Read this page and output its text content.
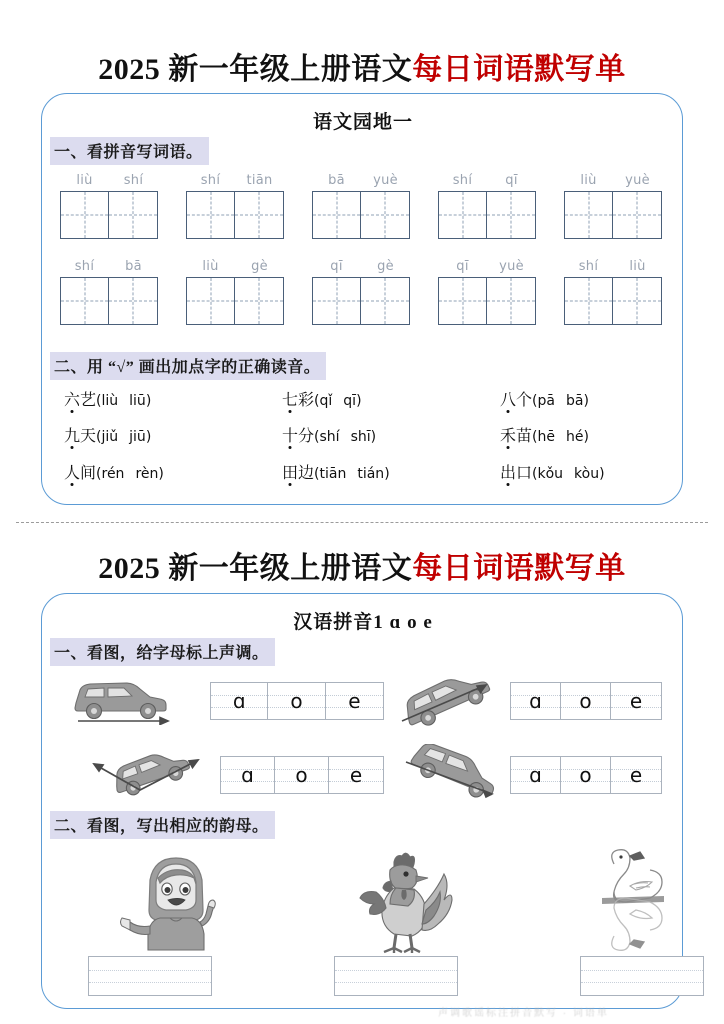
2025 新一年级上册语文每日词语默写单
语文园地一
一、看拼音写词语。
liù	shí	shí	tiān	bā	yuè	shí	qī	liù	yuè
shí	bā	liù	gè	qī	gè	qī	yuè	shí	liù
二、用 “√” 画出加点字的正确读音。
六艺(liù liū)	七彩(qǐ qī)	八个(pā bā)
九天(jiǔ jiū)	十分(shí shī)	禾苗(hē hé)
人间(rén rèn)	田边(tiān tián)	出口(kǒu kòu)
2025 新一年级上册语文每日词语默写单
汉语拼音1 ɑ o e
一、看图，给字母标上声调。
ɑ o e	ɑ o e
ɑ o e	ɑ o e
二、看图，写出相应的韵母。
声调歌谣标注拼音默写 · 词语单
